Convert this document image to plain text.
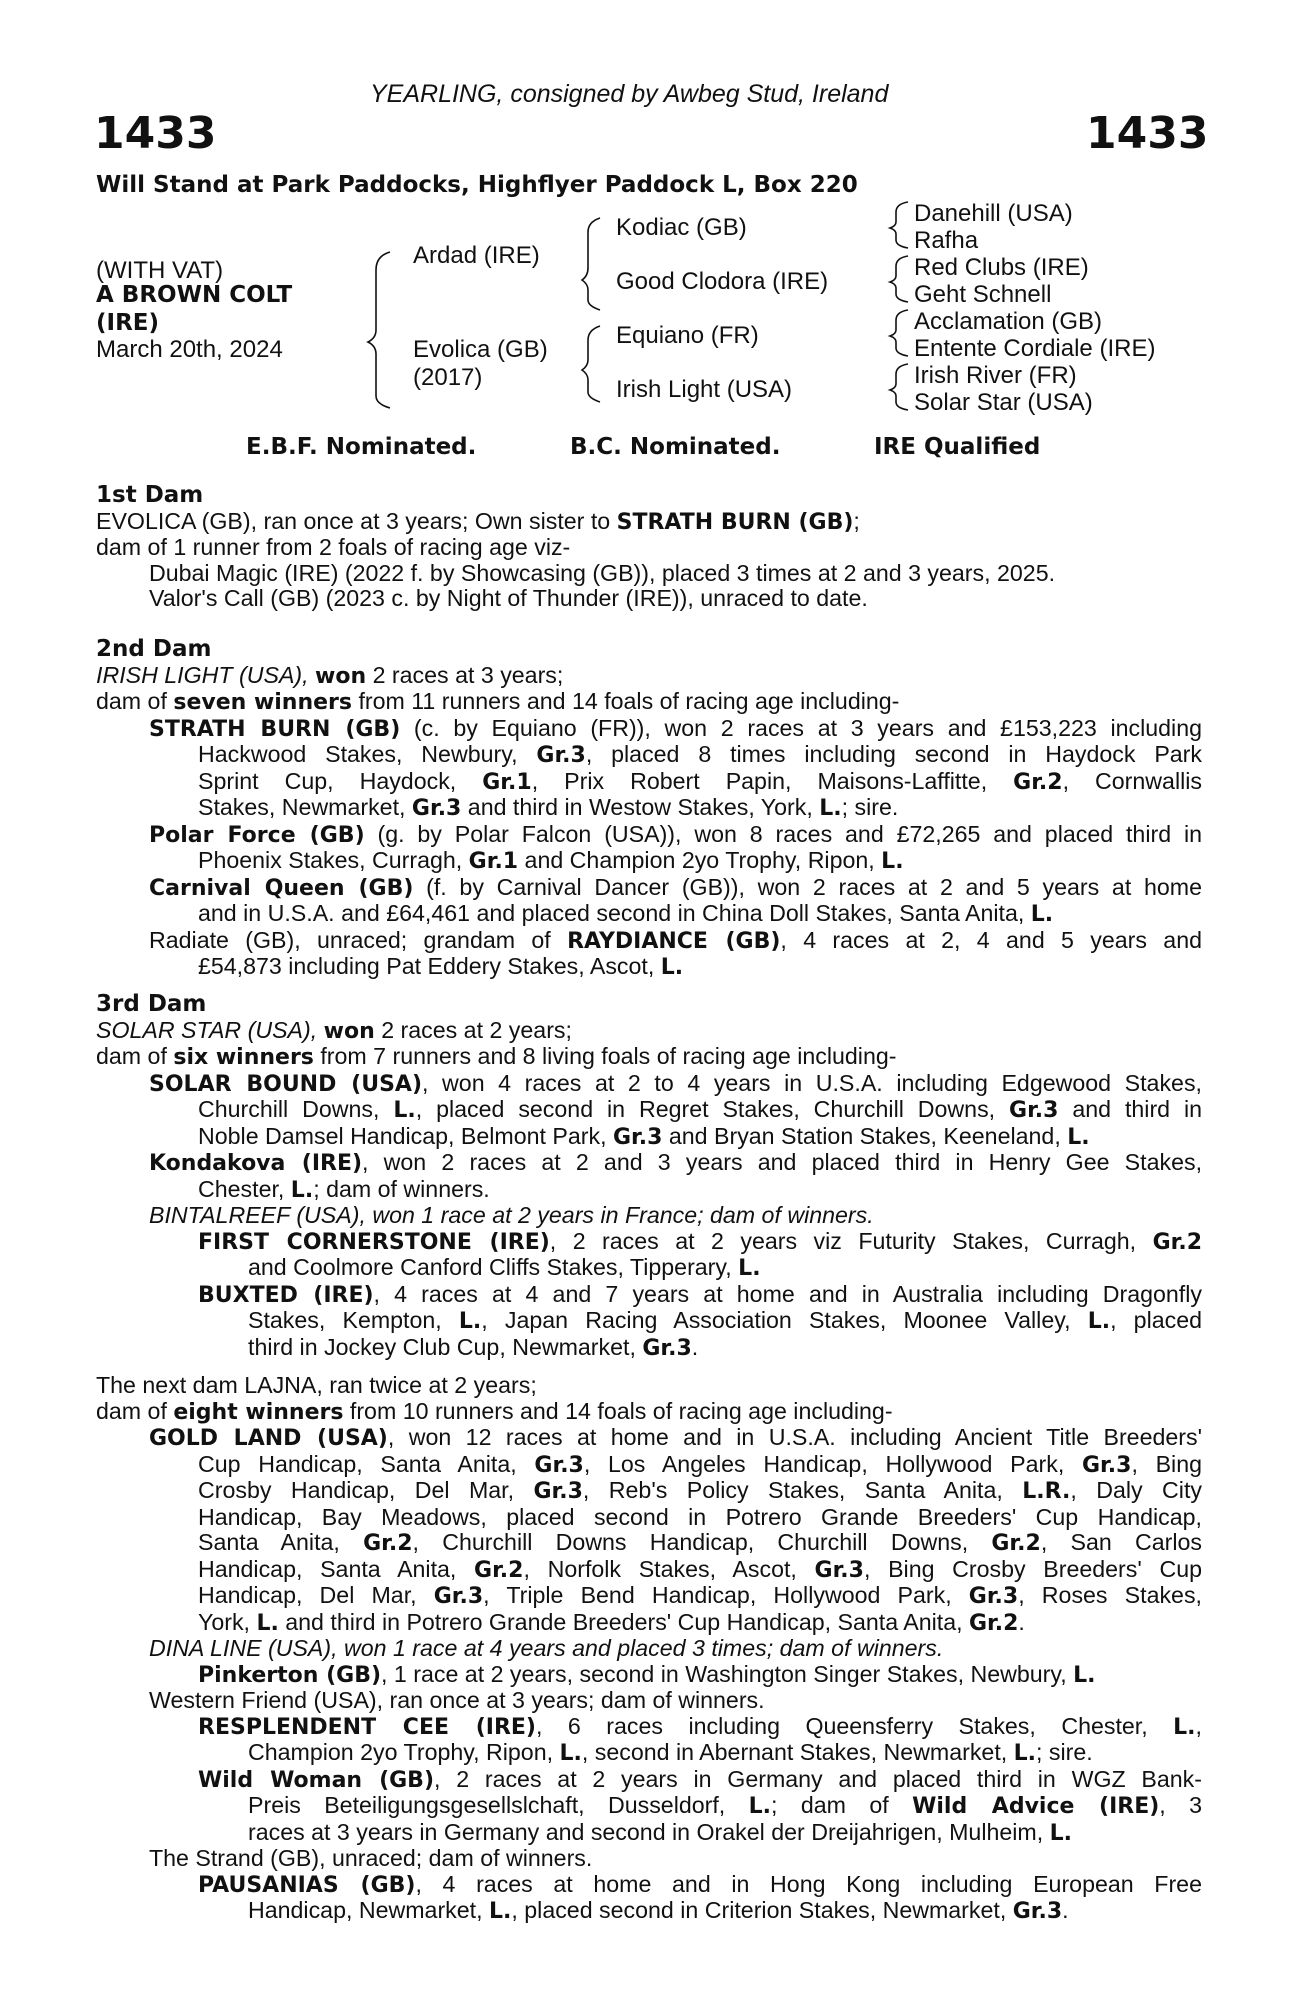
YEARLING, consigned by Awbeg Stud, Ireland
1433	1433
Will Stand at Park Paddocks, Highflyer Paddock L, Box 220
(WITH VAT)
A BROWN COLT
(IRE)
March 20th, 2024
Ardad (IRE)
Evolica (GB)
(2017)
Kodiac (GB)
Good Clodora (IRE)
Equiano (FR)
Irish Light (USA)
Danehill (USA)
Rafha
Red Clubs (IRE)
Geht Schnell
Acclamation (GB)
Entente Cordiale (IRE)
Irish River (FR)
Solar Star (USA)
E.B.F. Nominated.	B.C. Nominated.	IRE Qualified
1st Dam
EVOLICA (GB), ran once at 3 years; Own sister to STRATH BURN (GB);
dam of 1 runner from 2 foals of racing age viz-
Dubai Magic (IRE) (2022 f. by Showcasing (GB)), placed 3 times at 2 and 3 years, 2025.
Valor's Call (GB) (2023 c. by Night of Thunder (IRE)), unraced to date.
2nd Dam
IRISH LIGHT (USA), won 2 races at 3 years;
dam of seven winners from 11 runners and 14 foals of racing age including-
STRATH BURN (GB) (c. by Equiano (FR)), won 2 races at 3 years and £153,223 including
Hackwood Stakes, Newbury, Gr.3, placed 8 times including second in Haydock Park
Sprint Cup, Haydock, Gr.1, Prix Robert Papin, Maisons-Laffitte, Gr.2, Cornwallis
Stakes, Newmarket, Gr.3 and third in Westow Stakes, York, L.; sire.
Polar Force (GB) (g. by Polar Falcon (USA)), won 8 races and £72,265 and placed third in
Phoenix Stakes, Curragh, Gr.1 and Champion 2yo Trophy, Ripon, L.
Carnival Queen (GB) (f. by Carnival Dancer (GB)), won 2 races at 2 and 5 years at home
and in U.S.A. and £64,461 and placed second in China Doll Stakes, Santa Anita, L.
Radiate (GB), unraced; grandam of RAYDIANCE (GB), 4 races at 2, 4 and 5 years and
£54,873 including Pat Eddery Stakes, Ascot, L.
3rd Dam
SOLAR STAR (USA), won 2 races at 2 years;
dam of six winners from 7 runners and 8 living foals of racing age including-
SOLAR BOUND (USA), won 4 races at 2 to 4 years in U.S.A. including Edgewood Stakes,
Churchill Downs, L., placed second in Regret Stakes, Churchill Downs, Gr.3 and third in
Noble Damsel Handicap, Belmont Park, Gr.3 and Bryan Station Stakes, Keeneland, L.
Kondakova (IRE), won 2 races at 2 and 3 years and placed third in Henry Gee Stakes,
Chester, L.; dam of winners.
BINTALREEF (USA), won 1 race at 2 years in France; dam of winners.
FIRST CORNERSTONE (IRE), 2 races at 2 years viz Futurity Stakes, Curragh, Gr.2
and Coolmore Canford Cliffs Stakes, Tipperary, L.
BUXTED (IRE), 4 races at 4 and 7 years at home and in Australia including Dragonfly
Stakes, Kempton, L., Japan Racing Association Stakes, Moonee Valley, L., placed
third in Jockey Club Cup, Newmarket, Gr.3.
The next dam LAJNA, ran twice at 2 years;
dam of eight winners from 10 runners and 14 foals of racing age including-
GOLD LAND (USA), won 12 races at home and in U.S.A. including Ancient Title Breeders'
Cup Handicap, Santa Anita, Gr.3, Los Angeles Handicap, Hollywood Park, Gr.3, Bing
Crosby Handicap, Del Mar, Gr.3, Reb's Policy Stakes, Santa Anita, L.R., Daly City
Handicap, Bay Meadows, placed second in Potrero Grande Breeders' Cup Handicap,
Santa Anita, Gr.2, Churchill Downs Handicap, Churchill Downs, Gr.2, San Carlos
Handicap, Santa Anita, Gr.2, Norfolk Stakes, Ascot, Gr.3, Bing Crosby Breeders' Cup
Handicap, Del Mar, Gr.3, Triple Bend Handicap, Hollywood Park, Gr.3, Roses Stakes,
York, L. and third in Potrero Grande Breeders' Cup Handicap, Santa Anita, Gr.2.
DINA LINE (USA), won 1 race at 4 years and placed 3 times; dam of winners.
Pinkerton (GB), 1 race at 2 years, second in Washington Singer Stakes, Newbury, L.
Western Friend (USA), ran once at 3 years; dam of winners.
RESPLENDENT CEE (IRE), 6 races including Queensferry Stakes, Chester, L.,
Champion 2yo Trophy, Ripon, L., second in Abernant Stakes, Newmarket, L.; sire.
Wild Woman (GB), 2 races at 2 years in Germany and placed third in WGZ Bank-
Preis Beteiligungsgesellslchaft, Dusseldorf, L.; dam of Wild Advice (IRE), 3
races at 3 years in Germany and second in Orakel der Dreijahrigen, Mulheim, L.
The Strand (GB), unraced; dam of winners.
PAUSANIAS (GB), 4 races at home and in Hong Kong including European Free
Handicap, Newmarket, L., placed second in Criterion Stakes, Newmarket, Gr.3.
